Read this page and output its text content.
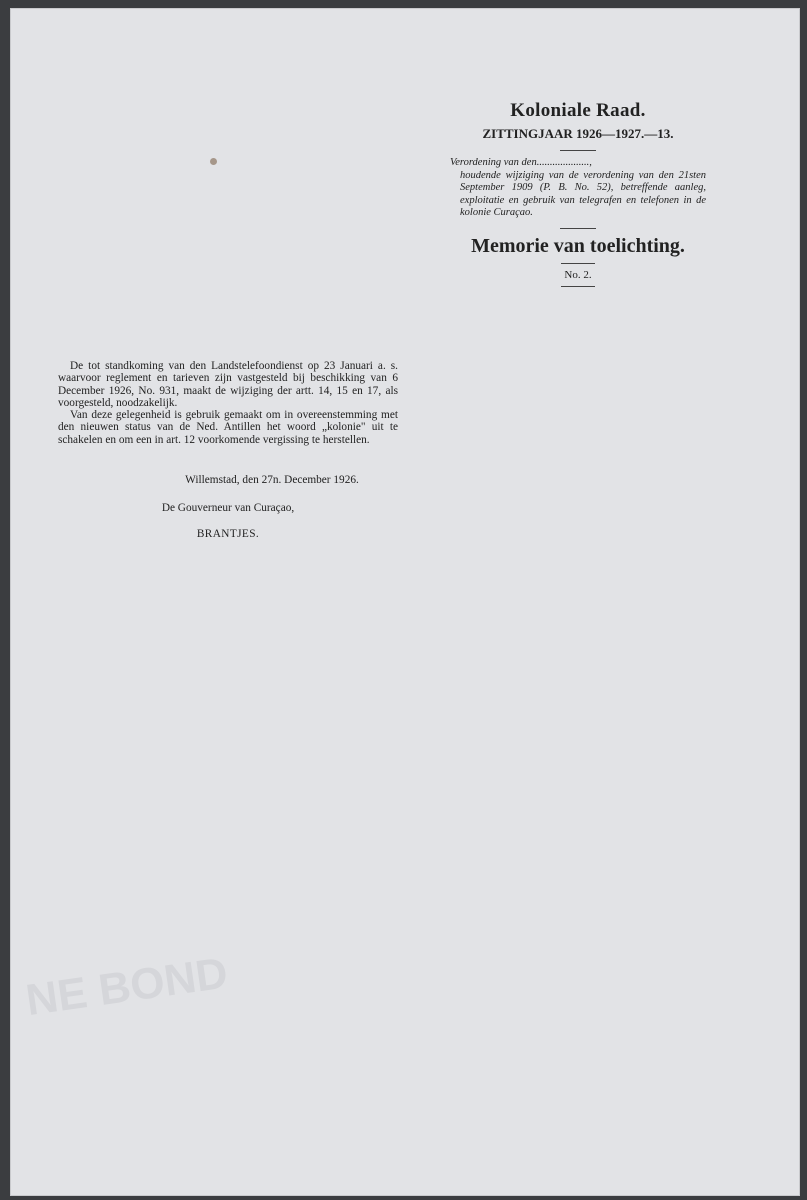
NE BOND
Koloniale Raad.
ZITTINGJAAR 1926—1927.—13.
Verordening van den....................,
houdende wijziging van de verordening van den 21sten September 1909 (P. B. No. 52), betreffende aanleg, exploitatie en gebruik van telegrafen en telefonen in de kolonie Curaçao.
Memorie van toelichting.
No. 2.

De tot standkoming van den Landstelefoondienst op 23 Januari a. s. waarvoor reglement en tarieven zijn vastgesteld bij beschikking van 6 December 1926, No. 931, maakt de wijziging der artt. 14, 15 en 17, als voorgesteld, noodzakelijk.

Van deze gelegenheid is gebruik gemaakt om in overeenstemming met den nieuwen status van de Ned. Antillen het woord „kolonie" uit te schakelen en om een in art. 12 voorkomende vergissing te herstellen.

Willemstad, den 27n. December 1926.
De Gouverneur van Curaçao,
BRANTJES.
